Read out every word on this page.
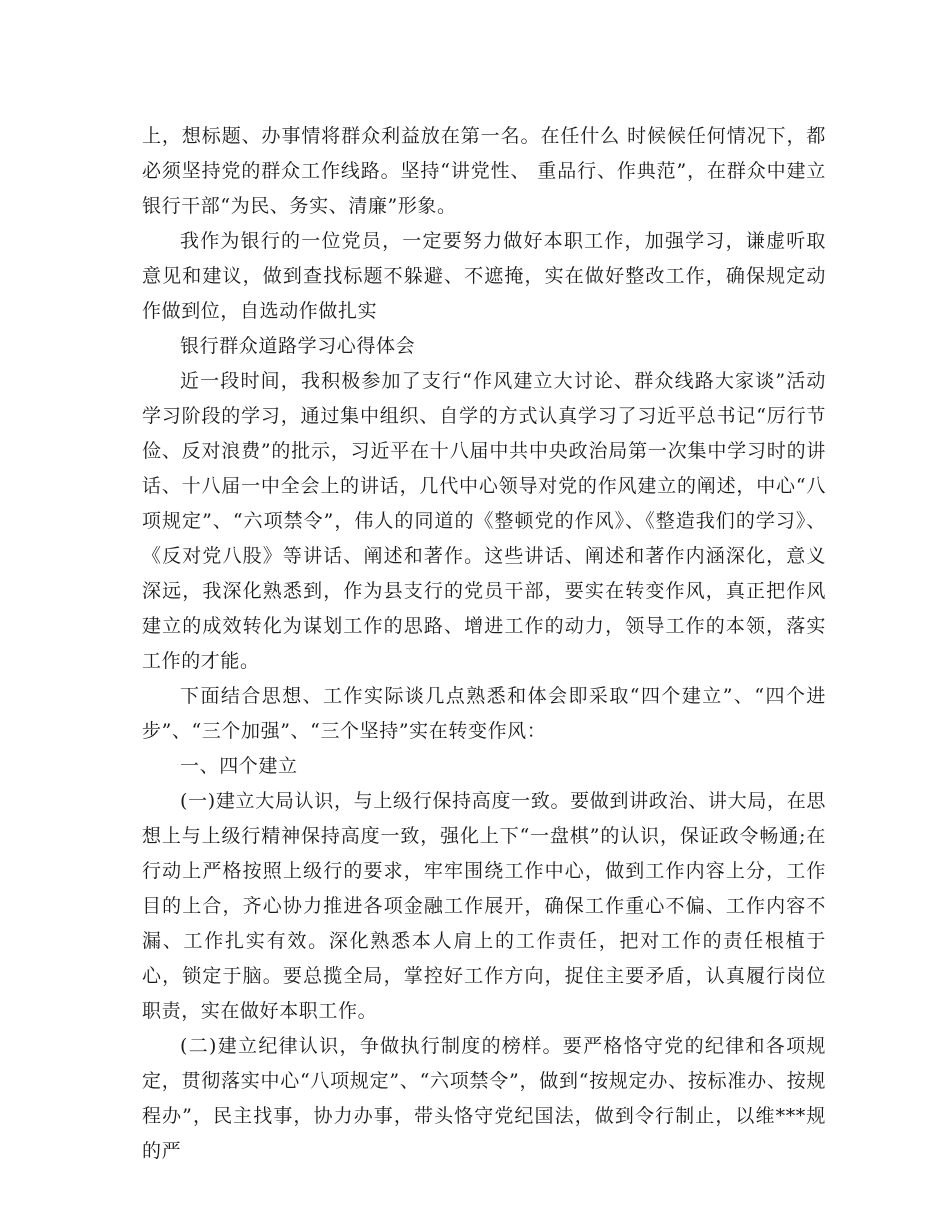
上，想标题、办事情将群众利益放在第一名。在任什么 时候候任何情况下，都必须坚持党的群众工作线路。坚持“讲党性、 重品行、作典范”，在群众中建立银行干部“为民、务实、清廉”形象。

我作为银行的一位党员，一定要努力做好本职工作，加强学习，谦虚听取意见和建议，做到查找标题不躲避、不遮掩，实在做好整改工作，确保规定动作做到位，自选动作做扎实

银行群众道路学习心得体会

近一段时间，我积极参加了支行“作风建立大讨论、群众线路大家谈”活动学习阶段的学习，通过集中组织、自学的方式认真学习了习近平总书记“厉行节俭、反对浪费”的批示，习近平在十八届中共中央政治局第一次集中学习时的讲话、十八届一中全会上的讲话，几代中心领导对党的作风建立的阐述，中心“八项规定”、“六项禁令”，伟人的同道的《整顿党的作风》、《整造我们的学习》、《反对党八股》等讲话、阐述和著作。这些讲话、阐述和著作内涵深化，意义深远，我深化熟悉到，作为县支行的党员干部，要实在转变作风，真正把作风建立的成效转化为谋划工作的思路、增进工作的动力，领导工作的本领，落实工作的才能。

下面结合思想、工作实际谈几点熟悉和体会即采取“四个建立”、“四个进步”、“三个加强”、“三个坚持”实在转变作风：

一、四个建立

(一)建立大局认识，与上级行保持高度一致。要做到讲政治、讲大局，在思想上与上级行精神保持高度一致，强化上下“一盘棋”的认识，保证政令畅通;在行动上严格按照上级行的要求，牢牢围绕工作中心，做到工作内容上分，工作目的上合，齐心协力推进各项金融工作展开，确保工作重心不偏、工作内容不漏、工作扎实有效。深化熟悉本人肩上的工作责任，把对工作的责任根植于心，锁定于脑。要总揽全局，掌控好工作方向，捉住主要矛盾，认真履行岗位职责，实在做好本职工作。

(二)建立纪律认识，争做执行制度的榜样。要严格恪守党的纪律和各项规定，贯彻落实中心“八项规定”、“六项禁令”，做到“按规定办、按标准办、按规程办”，民主找事，协力办事，带头恪守党纪国法，做到令行制止，以维***规的严
